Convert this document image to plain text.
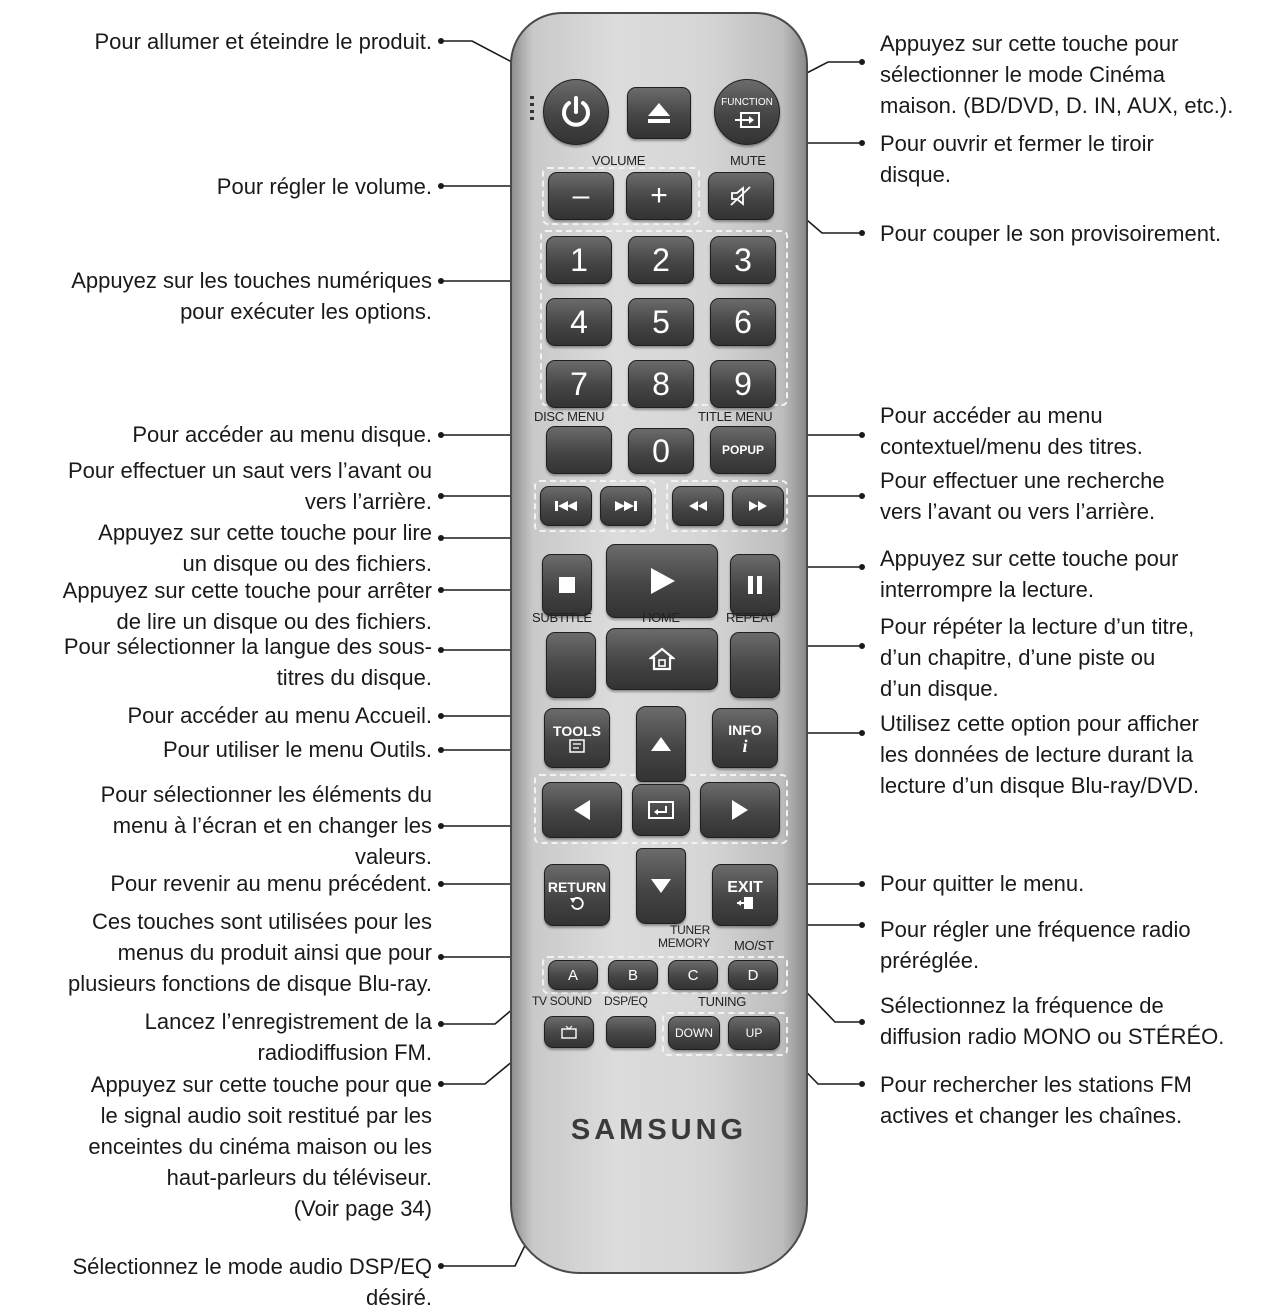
Pour allumer et éteindre le produit.
Pour régler le volume.
Appuyez sur les touches numériques
pour exécuter les options.
Pour accéder au menu disque.
Pour effectuer un saut vers l’avant ou
vers l’arrière.
Appuyez sur cette touche pour lire
un disque ou des fichiers.
Appuyez sur cette touche pour arrêter
de lire un disque ou des fichiers.
Pour sélectionner la langue des sous-
titres du disque.
Pour accéder au menu Accueil.
Pour utiliser le menu Outils.
Pour sélectionner les éléments du
menu à l’écran et en changer les
valeurs.
Pour revenir au menu précédent.
Ces touches sont utilisées pour les
menus du produit ainsi que pour
plusieurs fonctions de disque Blu-ray.
Lancez l’enregistrement de la
radiodiffusion FM.
Appuyez sur cette touche pour que
le signal audio soit restitué par les
enceintes du cinéma maison ou les
haut-parleurs du téléviseur.
(Voir page 34)
Sélectionnez le mode audio DSP/EQ
désiré.
Appuyez sur cette touche pour
sélectionner le mode Cinéma
maison. (BD/DVD, D. IN, AUX, etc.).
Pour ouvrir et fermer le tiroir
disque.
Pour couper le son provisoirement.
Pour accéder au menu
contextuel/menu des titres.
Pour effectuer une recherche
vers l’avant ou vers l’arrière.
Appuyez sur cette touche pour
interrompre la lecture.
Pour répéter la lecture d’un titre,
d’un chapitre, d’une piste ou
d’un disque.
Utilisez cette option pour afficher
les données de lecture durant la
lecture d’un disque Blu-ray/DVD.
Pour quitter le menu.
Pour régler une fréquence radio
préréglée.
Sélectionnez la fréquence de
diffusion radio MONO ou STÉRÉO.
Pour rechercher les stations FM
actives et changer les chaînes.
FUNCTION
VOLUME	MUTE
–	+
1	2	3
4	5	6
7	8	9
DISC MENU	TITLE MENU
0	POPUP
SUBTITLE	HOME	REPEAT
TOOLS	INFO
i
RETURN	EXIT
TUNER
MEMORY MO/ST
A	B	C	D
TV SOUND DSP/EQ	TUNING
DOWN	UP
SAMSUNG
